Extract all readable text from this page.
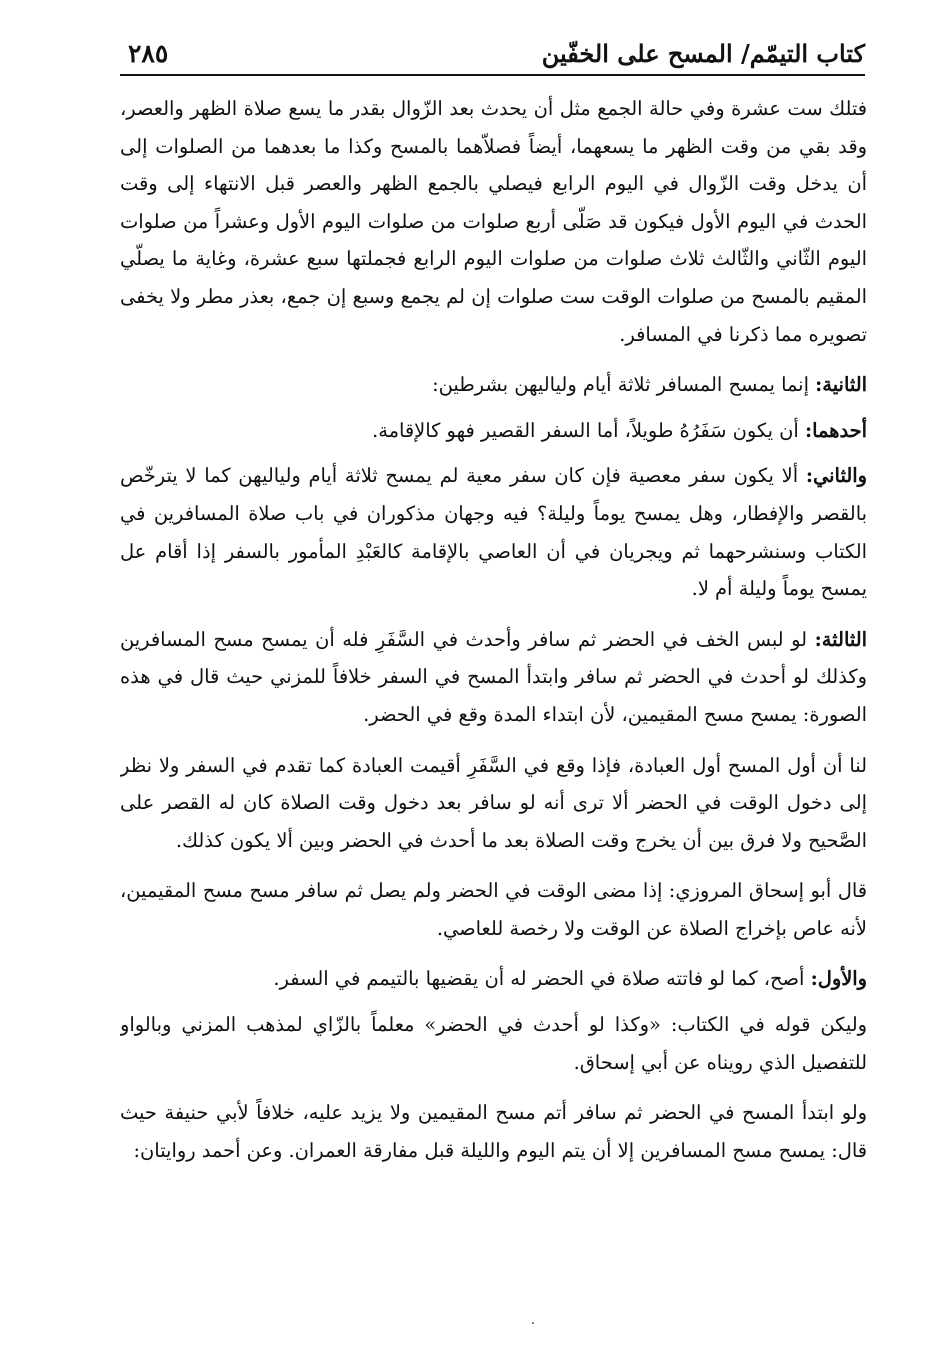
٢٨٥	كتاب التيمّم/ المسح على الخفّين

فتلك ست عشرة وفي حالة الجمع مثل أن يحدث بعد الزّوال بقدر ما يسع صلاة الظهر والعصر، وقد بقي من وقت الظهر ما يسعهما، أيضاً فصلاّهما بالمسح وكذا ما بعدهما من الصلوات إلى أن يدخل وقت الزّوال في اليوم الرابع فيصلي بالجمع الظهر والعصر قبل الانتهاء إلى وقت الحدث في اليوم الأول فيكون قد صَلّى أربع صلوات من صلوات اليوم الأول وعشراً من صلوات اليوم الثّاني والثّالث ثلاث صلوات من صلوات اليوم الرابع فجملتها سبع عشرة، وغاية ما يصلّي المقيم بالمسح من صلوات الوقت ست صلوات إن لم يجمع وسبع إن جمع، بعذر مطر ولا يخفى تصويره مما ذكرنا في المسافر.

الثانية: إنما يمسح المسافر ثلاثة أيام ولياليهن بشرطين:

أحدهما: أن يكون سَفَرُهُ طويلاً، أما السفر القصير فهو كالإقامة.

والثاني: ألا يكون سفر معصية فإن كان سفر معية لم يمسح ثلاثة أيام ولياليهن كما لا يترخّص بالقصر والإفطار، وهل يمسح يوماً وليلة؟ فيه وجهان مذكوران في باب صلاة المسافرين في الكتاب وسنشرحهما ثم ويجريان في أن العاصي بالإقامة كالعَبْدِ المأمور بالسفر إذا أقام عل يمسح يوماً وليلة أم لا.

الثالثة: لو لبس الخف في الحضر ثم سافر وأحدث في السَّفَرِ فله أن يمسح مسح المسافرين وكذلك لو أحدث في الحضر ثم سافر وابتدأ المسح في السفر خلافاً للمزني حيث قال في هذه الصورة: يمسح مسح المقيمين، لأن ابتداء المدة وقع في الحضر.

لنا أن أول المسح أول العبادة، فإذا وقع في السَّفَرِ أقيمت العبادة كما تقدم في السفر ولا نظر إلى دخول الوقت في الحضر ألا ترى أنه لو سافر بعد دخول وقت الصلاة كان له القصر على الصَّحيح ولا فرق بين أن يخرج وقت الصلاة بعد ما أحدث في الحضر وبين ألا يكون كذلك.

قال أبو إسحاق المروزي: إذا مضى الوقت في الحضر ولم يصل ثم سافر مسح مسح المقيمين، لأنه عاص بإخراج الصلاة عن الوقت ولا رخصة للعاصي.

والأول: أصح، كما لو فاتته صلاة في الحضر له أن يقضيها بالتيمم في السفر.

وليكن قوله في الكتاب: «وكذا لو أحدث في الحضر» معلماً بالزّاي لمذهب المزني وبالواو للتفصيل الذي رويناه عن أبي إسحاق.

ولو ابتدأ المسح في الحضر ثم سافر أتم مسح المقيمين ولا يزيد عليه، خلافاً لأبي حنيفة حيث قال: يمسح مسح المسافرين إلا أن يتم اليوم والليلة قبل مفارقة العمران. وعن أحمد روايتان:
